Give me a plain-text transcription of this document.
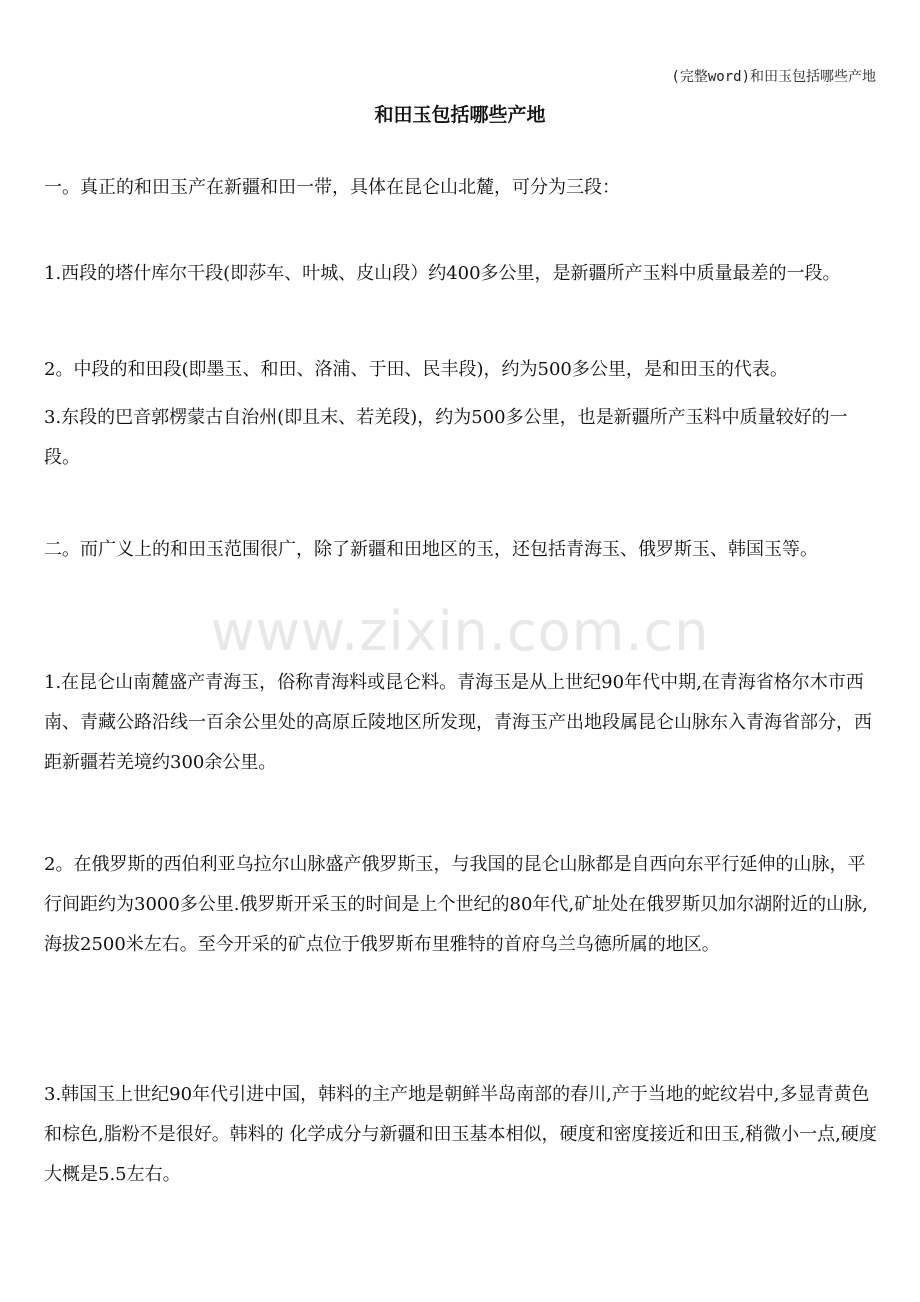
(完整word)和田玉包括哪些产地
和田玉包括哪些产地
www.zixin.com.cn

一。真正的和田玉产在新疆和田一带，具体在昆仑山北麓，可分为三段：

1.西段的塔什库尔干段(即莎车、叶城、皮山段）约400多公里，是新疆所产玉料中质量最差的一段。

2。中段的和田段(即墨玉、和田、洛浦、于田、民丰段)，约为500多公里，是和田玉的代表。

3.东段的巴音郭楞蒙古自治州(即且末、若羌段)，约为500多公里，也是新疆所产玉料中质量较好的一段。

二。而广义上的和田玉范围很广，除了新疆和田地区的玉，还包括青海玉、俄罗斯玉、韩国玉等。

1.在昆仑山南麓盛产青海玉，俗称青海料或昆仑料。青海玉是从上世纪90年代中期,在青海省格尔木市西南、青藏公路沿线一百余公里处的高原丘陵地区所发现，青海玉产出地段属昆仑山脉东入青海省部分，西距新疆若羌境约300余公里。

2。在俄罗斯的西伯利亚乌拉尔山脉盛产俄罗斯玉，与我国的昆仑山脉都是自西向东平行延伸的山脉，平行间距约为3000多公里.俄罗斯开采玉的时间是上个世纪的80年代,矿址处在俄罗斯贝加尔湖附近的山脉,海拔2500米左右。至今开采的矿点位于俄罗斯布里雅特的首府乌兰乌德所属的地区。

3.韩国玉上世纪90年代引进中国，韩料的主产地是朝鲜半岛南部的春川,产于当地的蛇纹岩中,多显青黄色和棕色,脂粉不是很好。韩料的 化学成分与新疆和田玉基本相似，硬度和密度接近和田玉,稍微小一点,硬度大概是5.5左右。
